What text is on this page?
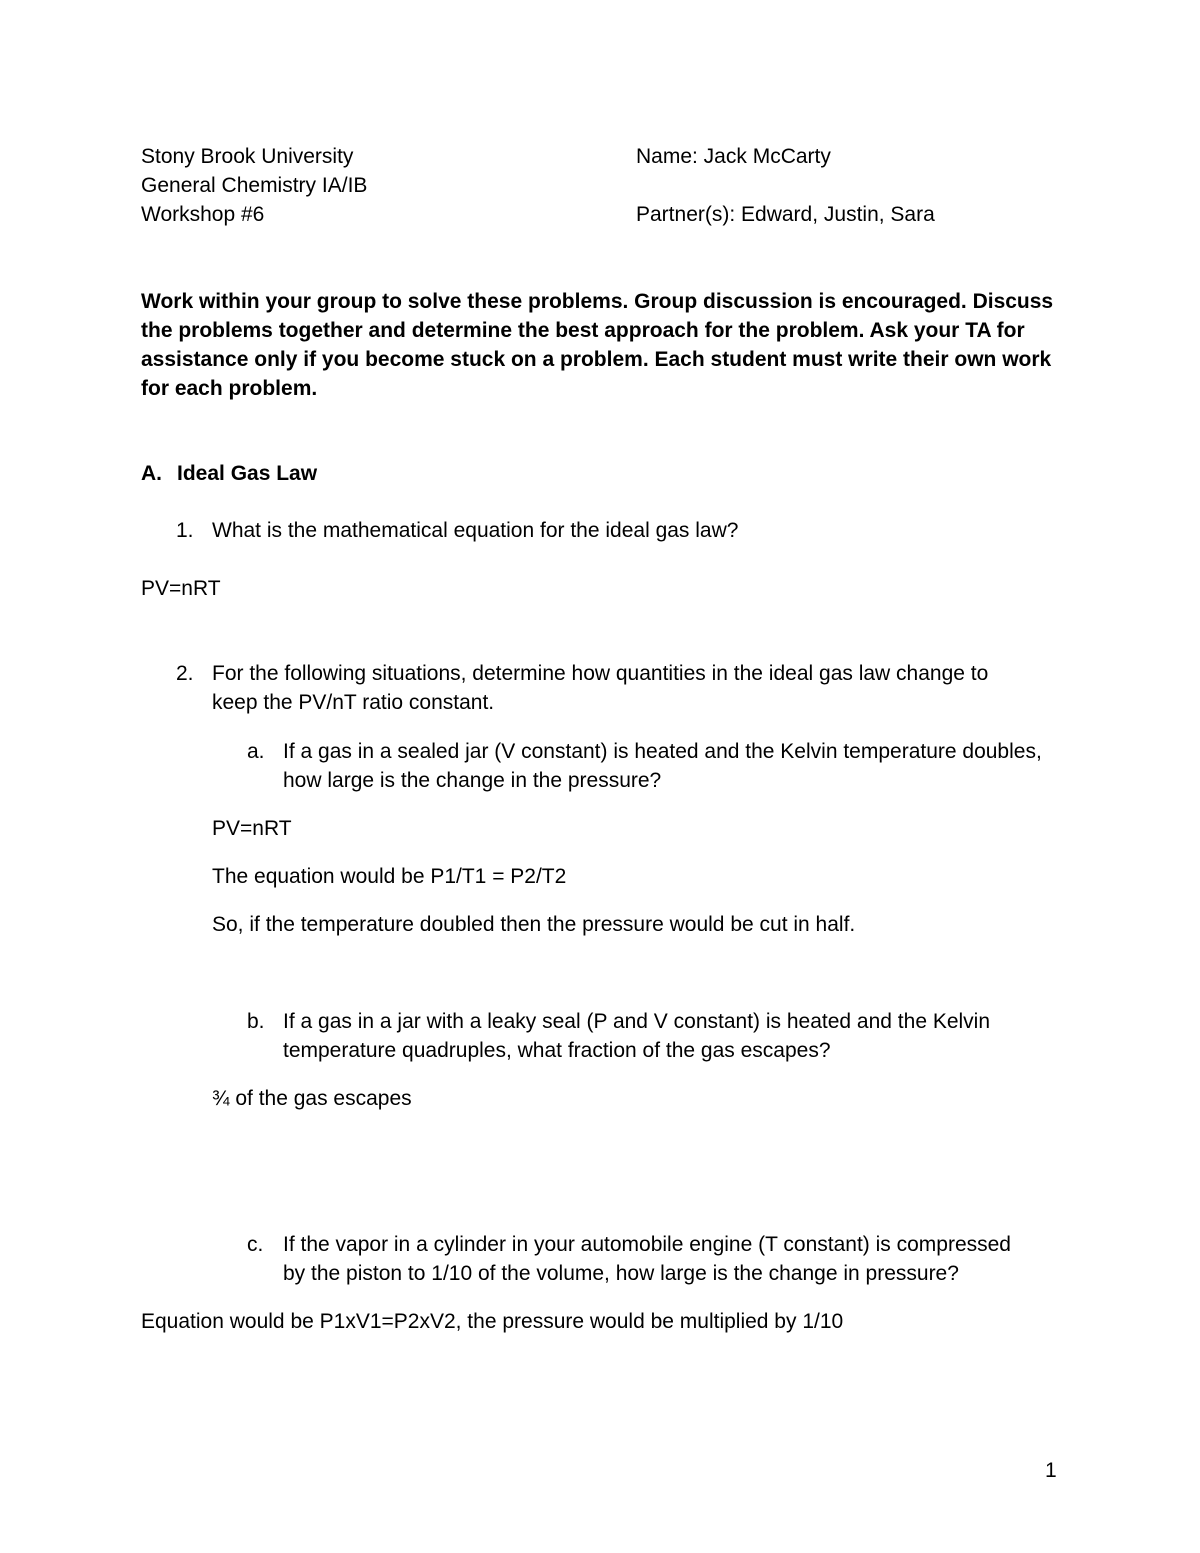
Stony Brook University
General Chemistry IA/IB
Workshop #6
Name: Jack McCarty
Partner(s): Edward, Justin, Sara
Work within your group to solve these problems. Group discussion is encouraged. Discuss the problems together and determine the best approach for the problem. Ask your TA for assistance only if you become stuck on a problem. Each student must write their own work for each problem.
A. Ideal Gas Law
1. What is the mathematical equation for the ideal gas law?
PV=nRT
2. For the following situations, determine how quantities in the ideal gas law change to
keep the PV/nT ratio constant.
a. If a gas in a sealed jar (V constant) is heated and the Kelvin temperature doubles,
how large is the change in the pressure?
PV=nRT
The equation would be P1/T1 = P2/T2
So, if the temperature doubled then the pressure would be cut in half.
b. If a gas in a jar with a leaky seal (P and V constant) is heated and the Kelvin
temperature quadruples, what fraction of the gas escapes?
¾ of the gas escapes
c. If the vapor in a cylinder in your automobile engine (T constant) is compressed
by the piston to 1/10 of the volume, how large is the change in pressure?
Equation would be P1xV1=P2xV2, the pressure would be multiplied by 1/10
1
